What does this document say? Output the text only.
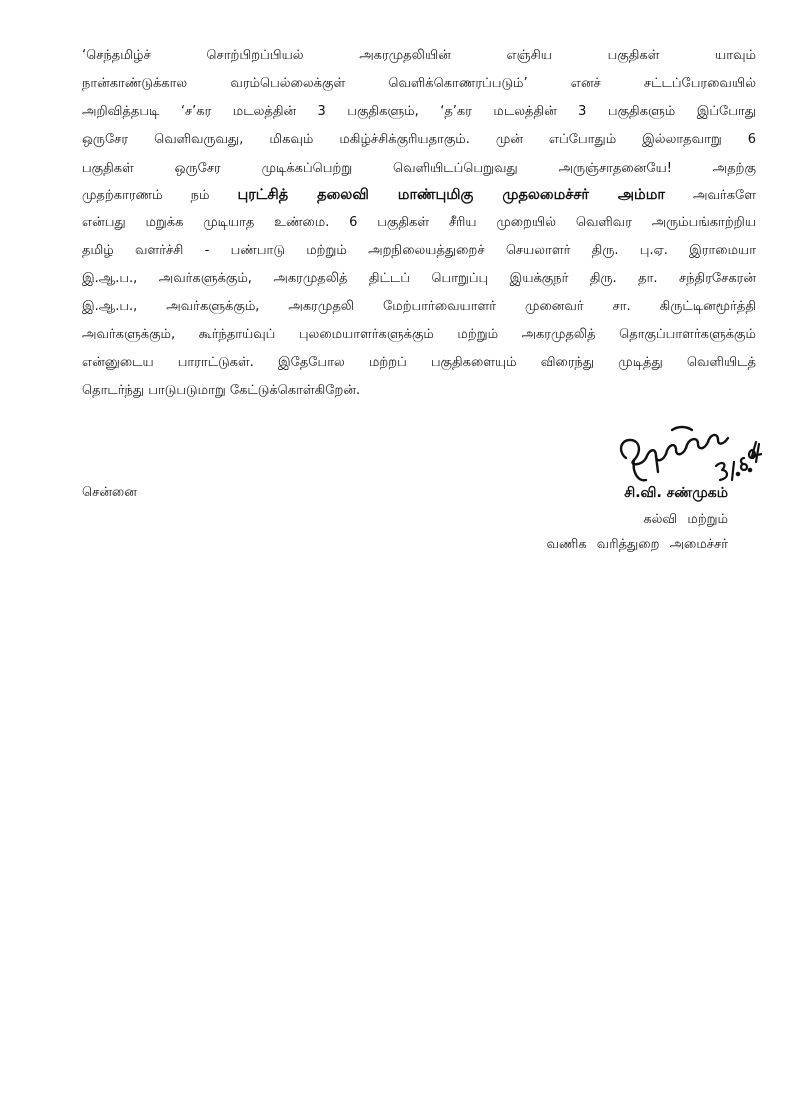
‘செந்தமிழ்ச் சொற்பிறப்பியல் அகரமுதலியின் எஞ்சிய பகுதிகள் யாவும்
நான்காண்டுக்கால வரம்பெல்லைக்குள் வெளிக்கொணரப்படும்’ எனச் சட்டப்பேரவையில்
அறிவித்தபடி ‘ச’கர மடலத்தின் 3 பகுதிகளும், ‘த’கர மடலத்தின் 3 பகுதிகளும் இப்போது
ஒருசேர வெளிவருவது, மிகவும் மகிழ்ச்சிக்குரியதாகும். முன் எப்போதும் இல்லாதவாறு 6
பகுதிகள் ஒருசேர முடிக்கப்பெற்று வெளியிடப்பெறுவது அருஞ்சாதனையே! அதற்கு
முதற்காரணம் நம் புரட்சித் தலைவி மாண்புமிகு முதலமைச்சர் அம்மா அவர்களே
என்பது மறுக்க முடியாத உண்மை. 6 பகுதிகள் சீரிய முறையில் வெளிவர அரும்பங்காற்றிய
தமிழ் வளர்ச்சி - பண்பாடு மற்றும் அறநிலையத்துறைச் செயலாளர் திரு. பு.ஏ. இராமையா
இ.ஆ.ப., அவர்களுக்கும், அகரமுதலித் திட்டப் பொறுப்பு இயக்குநர் திரு. தா. சந்திரசேகரன்
இ.ஆ.ப., அவர்களுக்கும், அகரமுதலி மேற்பார்வையாளர் முனைவர் சா. கிருட்டினமூர்த்தி
அவர்களுக்கும், கூர்ந்தாய்வுப் புலமையாளர்களுக்கும் மற்றும் அகரமுதலித் தொகுப்பாளர்களுக்கும்
என்னுடைய பாராட்டுகள். இதேபோல மற்றப் பகுதிகளையும் விரைந்து முடித்து வெளியிடத்
தொடர்ந்து பாடுபடுமாறு கேட்டுக்கொள்கிறேன்.
சென்னை	சி.வி. சண்முகம்
கல்வி மற்றும்
வணிக வரித்துறை அமைச்சர்
